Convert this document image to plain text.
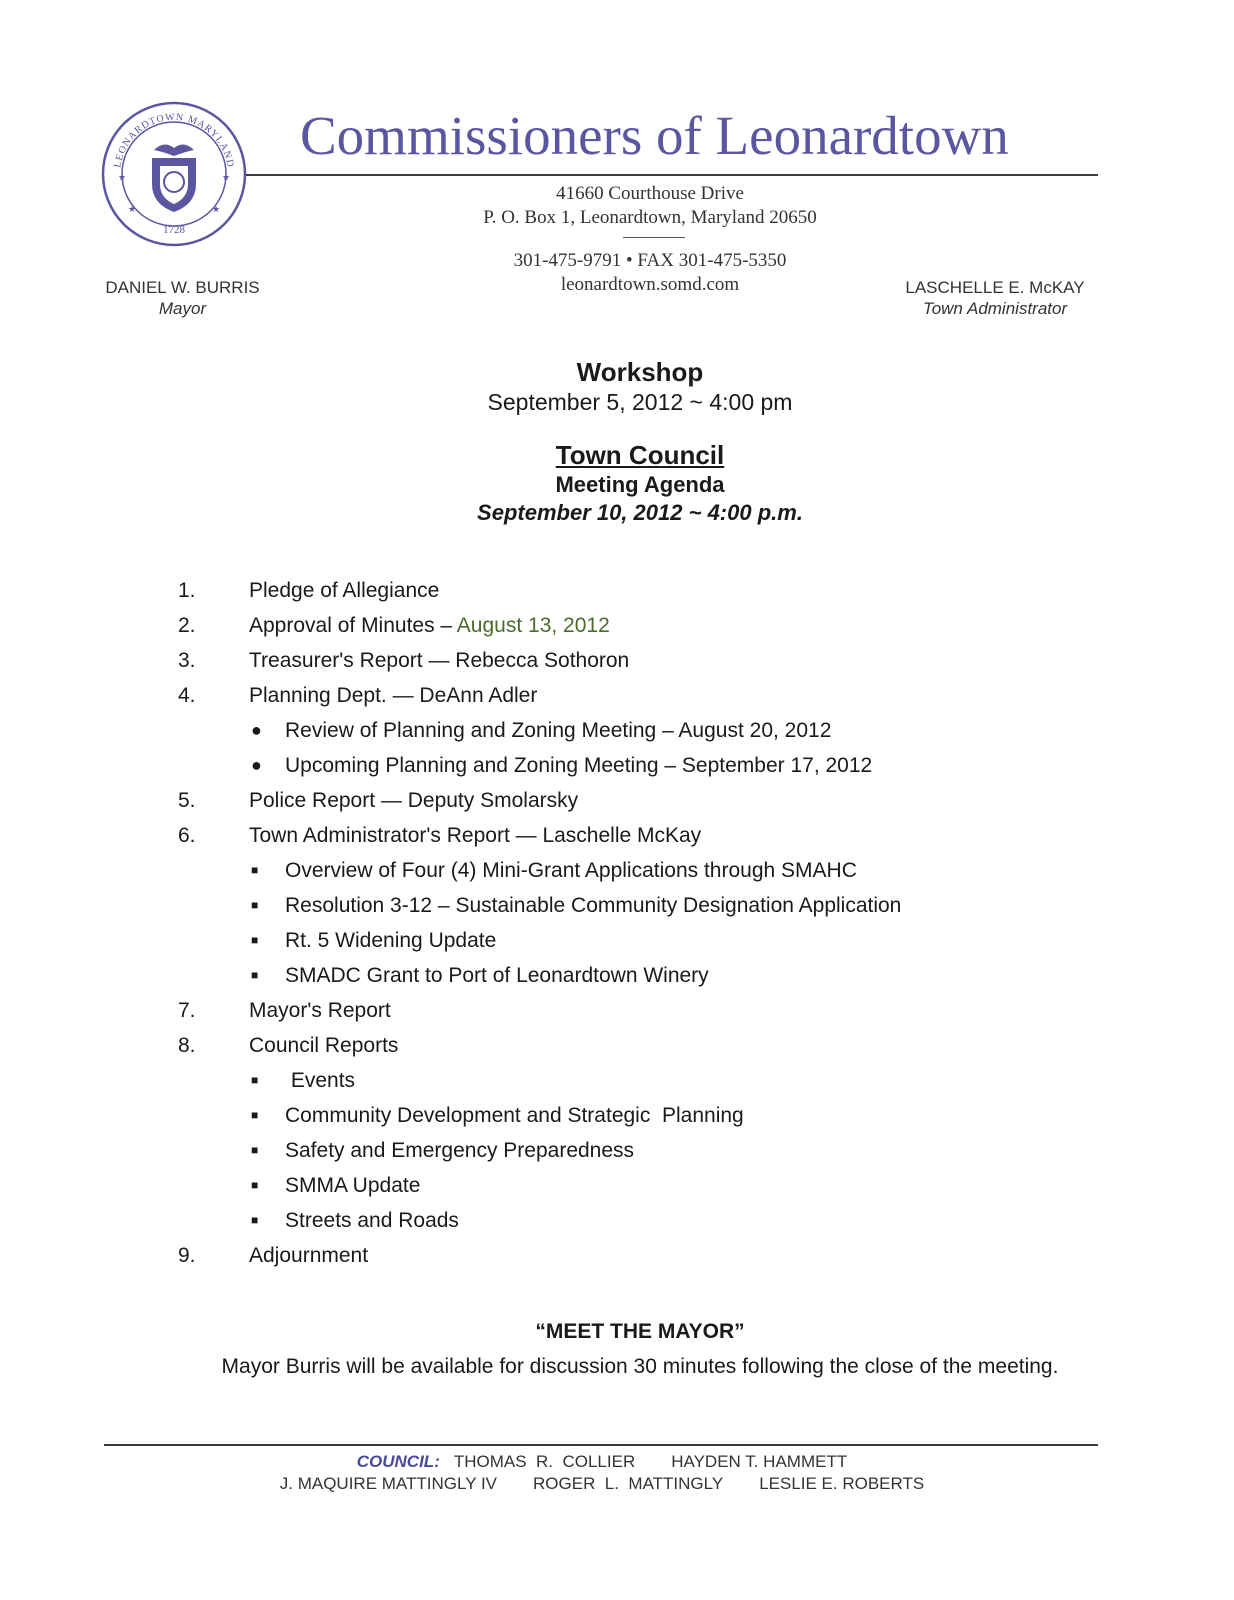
LEONARDTOWN MARYLAND
★	★
★	★
1728
Commissioners of Leonardtown
41660 Courthouse Drive
P. O. Box 1, Leonardtown, Maryland 20650
301-475-9791 • FAX 301-475-5350
leonardtown.somd.com
DANIEL W. BURRIS
Mayor
LASCHELLE E. McKAY
Town Administrator
Workshop
September 5, 2012 ~ 4:00 pm
Town Council
Meeting Agenda
September 10, 2012 ~ 4:00 p.m.
1.	Pledge of Allegiance
2.	Approval of Minutes – August 13, 2012
3.	Treasurer's Report — Rebecca Sothoron
4.	Planning Dept. — DeAnn Adler
● Review of Planning and Zoning Meeting – August 20, 2012
● Upcoming Planning and Zoning Meeting – September 17, 2012
5.	Police Report — Deputy Smolarsky
6.	Town Administrator's Report — Laschelle McKay
■ Overview of Four (4) Mini-Grant Applications through SMAHC
■ Resolution 3-12 – Sustainable Community Designation Application
■ Rt. 5 Widening Update
■ SMADC Grant to Port of Leonardtown Winery
7.	Mayor's Report
8.	Council Reports
■ Events
■ Community Development and Strategic  Planning
■ Safety and Emergency Preparedness
■ SMMA Update
■ Streets and Roads
9.	Adjournment
“MEET THE MAYOR”
Mayor Burris will be available for discussion 30 minutes following the close of the meeting.
COUNCIL: THOMAS  R.  COLLIER HAYDEN T. HAMMETT
J. MAQUIRE MATTINGLY IV ROGER  L.  MATTINGLY LESLIE E. ROBERTS
